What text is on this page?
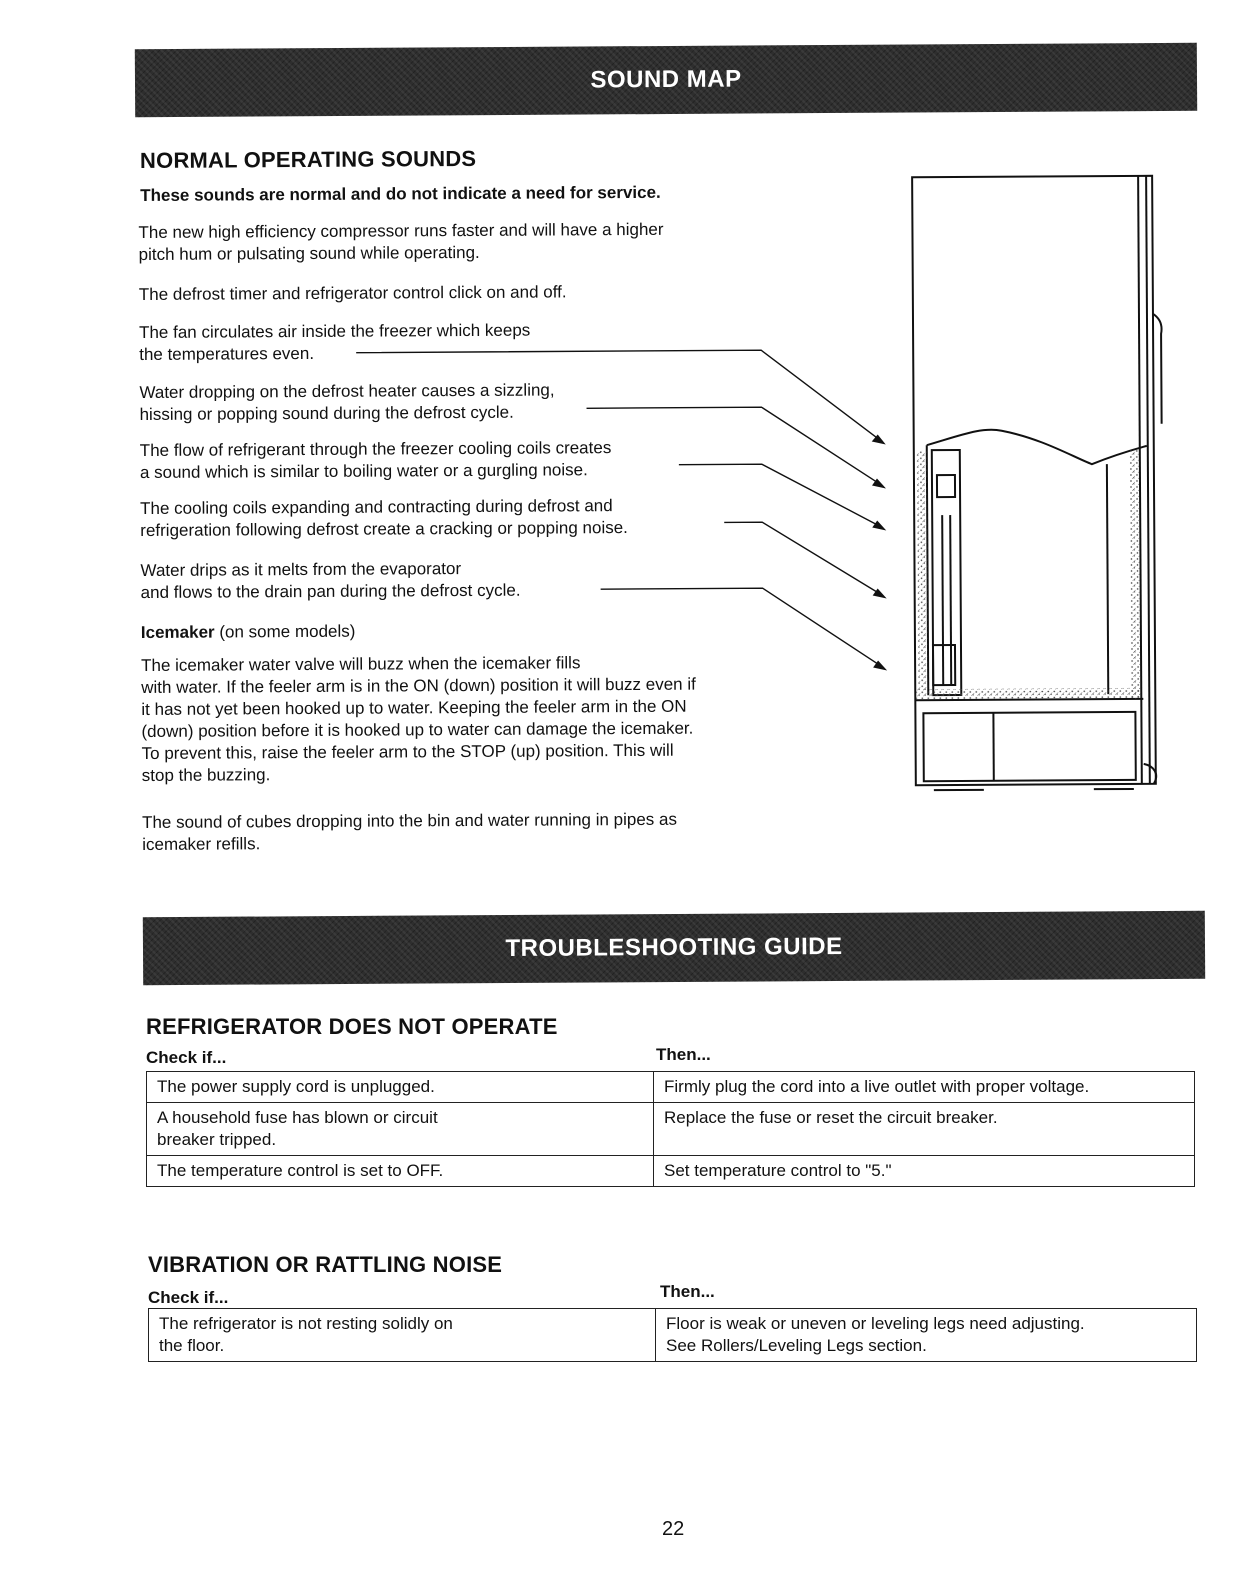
SOUND MAP
NORMAL OPERATING SOUNDS
These sounds are normal and do not indicate a need for service.
The new high efficiency compressor runs faster and will have a higher
pitch hum or pulsating sound while operating.
The defrost timer and refrigerator control click on and off.
The fan circulates air inside the freezer which keeps
the temperatures even.
Water dropping on the defrost heater causes a sizzling,
hissing or popping sound during the defrost cycle.
The flow of refrigerant through the freezer cooling coils creates
a sound which is similar to boiling water or a gurgling noise.
The cooling coils expanding and contracting during defrost and
refrigeration following defrost create a cracking or popping noise.
Water drips as it melts from the evaporator
and flows to the drain pan during the defrost cycle.
Icemaker (on some models)
The icemaker water valve will buzz when the icemaker fills
with water. If the feeler arm is in the ON (down) position it will buzz even if
it has not yet been hooked up to water. Keeping the feeler arm in the ON
(down) position before it is hooked up to water can damage the icemaker.
To prevent this, raise the feeler arm to the STOP (up) position. This will
stop the buzzing.
The sound of cubes dropping into the bin and water running in pipes as
icemaker refills.
TROUBLESHOOTING GUIDE
REFRIGERATOR DOES NOT OPERATE
Check if...	Then...
The power supply cord is unplugged.	Firmly plug the cord into a live outlet with proper voltage.
A household fuse has blown or circuit
breaker tripped.	Replace the fuse or reset the circuit breaker.
The temperature control is set to OFF.	Set temperature control to "5."
VIBRATION OR RATTLING NOISE
Check if...	Then...
The refrigerator is not resting solidly on
the floor.	Floor is weak or uneven or leveling legs need adjusting.
See Rollers/Leveling Legs section.
22
